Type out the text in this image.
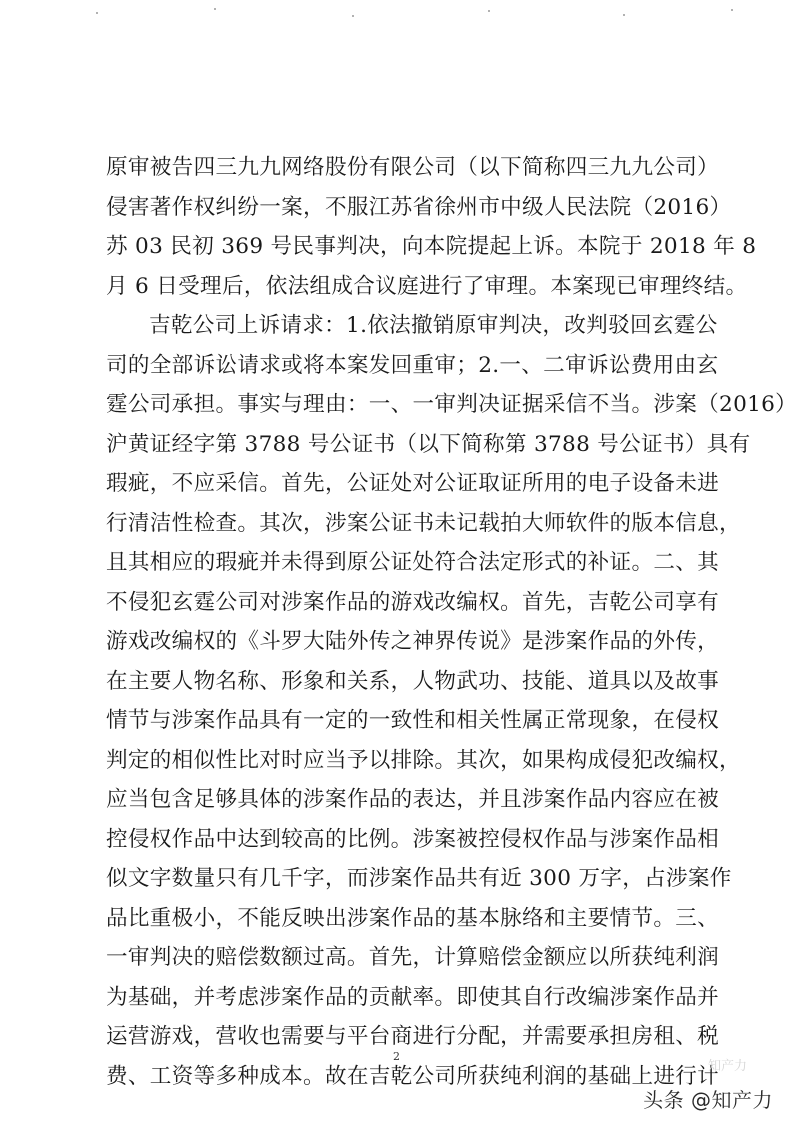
原审被告四三九九网络股份有限公司（以下简称四三九九公司）
侵害著作权纠纷一案，不服江苏省徐州市中级人民法院（2016）
苏 03 民初 369 号民事判决，向本院提起上诉。本院于 2018 年 8
月 6 日受理后，依法组成合议庭进行了审理。本案现已审理终结。
吉乾公司上诉请求：1.依法撤销原审判决，改判驳回玄霆公
司的全部诉讼请求或将本案发回重审；2.一、二审诉讼费用由玄
霆公司承担。事实与理由：一、一审判决证据采信不当。涉案（2016）
沪黄证经字第 3788 号公证书（以下简称第 3788 号公证书）具有
瑕疵，不应采信。首先，公证处对公证取证所用的电子设备未进
行清洁性检查。其次，涉案公证书未记载拍大师软件的版本信息，
且其相应的瑕疵并未得到原公证处符合法定形式的补证。二、其
不侵犯玄霆公司对涉案作品的游戏改编权。首先，吉乾公司享有
游戏改编权的《斗罗大陆外传之神界传说》是涉案作品的外传，
在主要人物名称、形象和关系，人物武功、技能、道具以及故事
情节与涉案作品具有一定的一致性和相关性属正常现象，在侵权
判定的相似性比对时应当予以排除。其次，如果构成侵犯改编权，
应当包含足够具体的涉案作品的表达，并且涉案作品内容应在被
控侵权作品中达到较高的比例。涉案被控侵权作品与涉案作品相
似文字数量只有几千字，而涉案作品共有近 300 万字，占涉案作
品比重极小，不能反映出涉案作品的基本脉络和主要情节。三、
一审判决的赔偿数额过高。首先，计算赔偿金额应以所获纯利润
为基础，并考虑涉案作品的贡献率。即使其自行改编涉案作品并
运营游戏，营收也需要与平台商进行分配，并需要承担房租、税
费、工资等多种成本。故在吉乾公司所获纯利润的基础上进行计
2
知产力
头条 @知产力
